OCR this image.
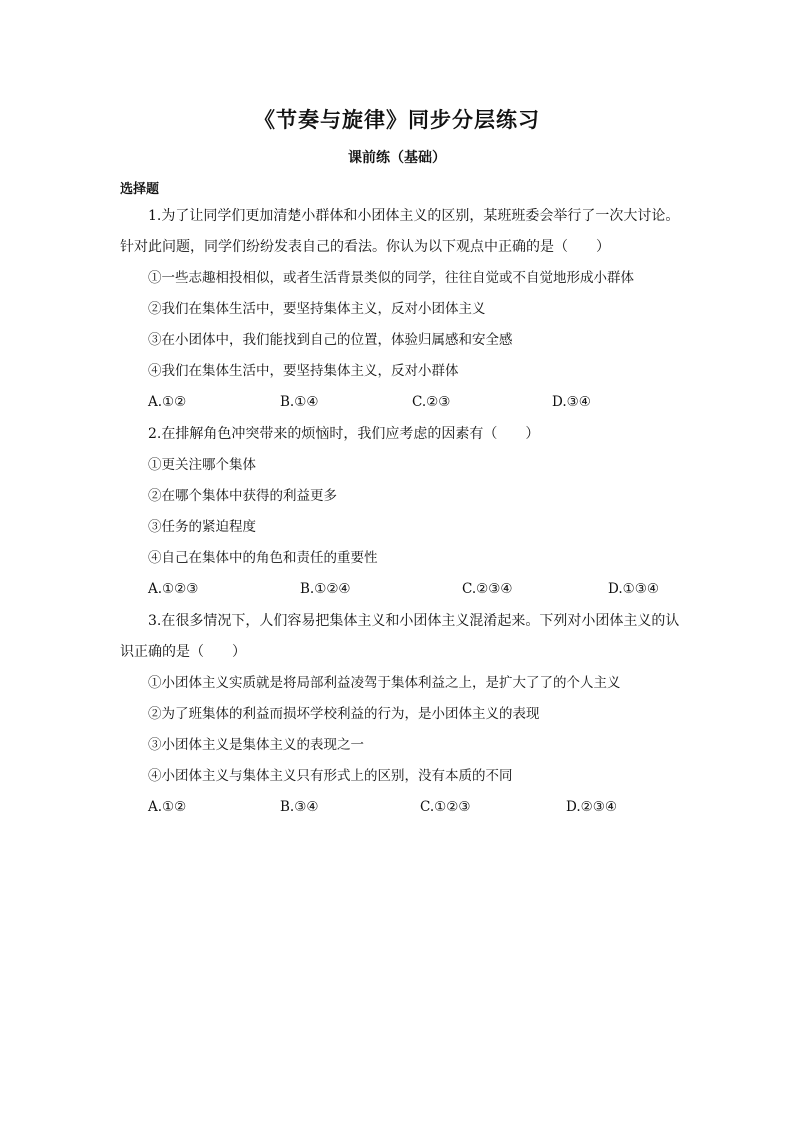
《节奏与旋律》同步分层练习
课前练（基础）
选择题
1.为了让同学们更加清楚小群体和小团体主义的区别，某班班委会举行了一次大讨论。针对此问题，同学们纷纷发表自己的看法。你认为以下观点中正确的是（　　）
①一些志趣相投相似，或者生活背景类似的同学，往往自觉或不自觉地形成小群体
②我们在集体生活中，要坚持集体主义，反对小团体主义
③在小团体中，我们能找到自己的位置，体验归属感和安全感
④我们在集体生活中，要坚持集体主义，反对小群体
A.①②	B.①④	C.②③	D.③④
2.在排解角色冲突带来的烦恼时，我们应考虑的因素有（　　）
①更关注哪个集体
②在哪个集体中获得的利益更多
③任务的紧迫程度
④自己在集体中的角色和责任的重要性
A.①②③	B.①②④	C.②③④	D.①③④
3.在很多情况下，人们容易把集体主义和小团体主义混淆起来。下列对小团体主义的认识正确的是（　　）
①小团体主义实质就是将局部利益凌驾于集体利益之上，是扩大了了的个人主义
②为了班集体的利益而损坏学校利益的行为，是小团体主义的表现
③小团体主义是集体主义的表现之一
④小团体主义与集体主义只有形式上的区别，没有本质的不同
A.①②	B.③④	C.①②③	D.②③④
